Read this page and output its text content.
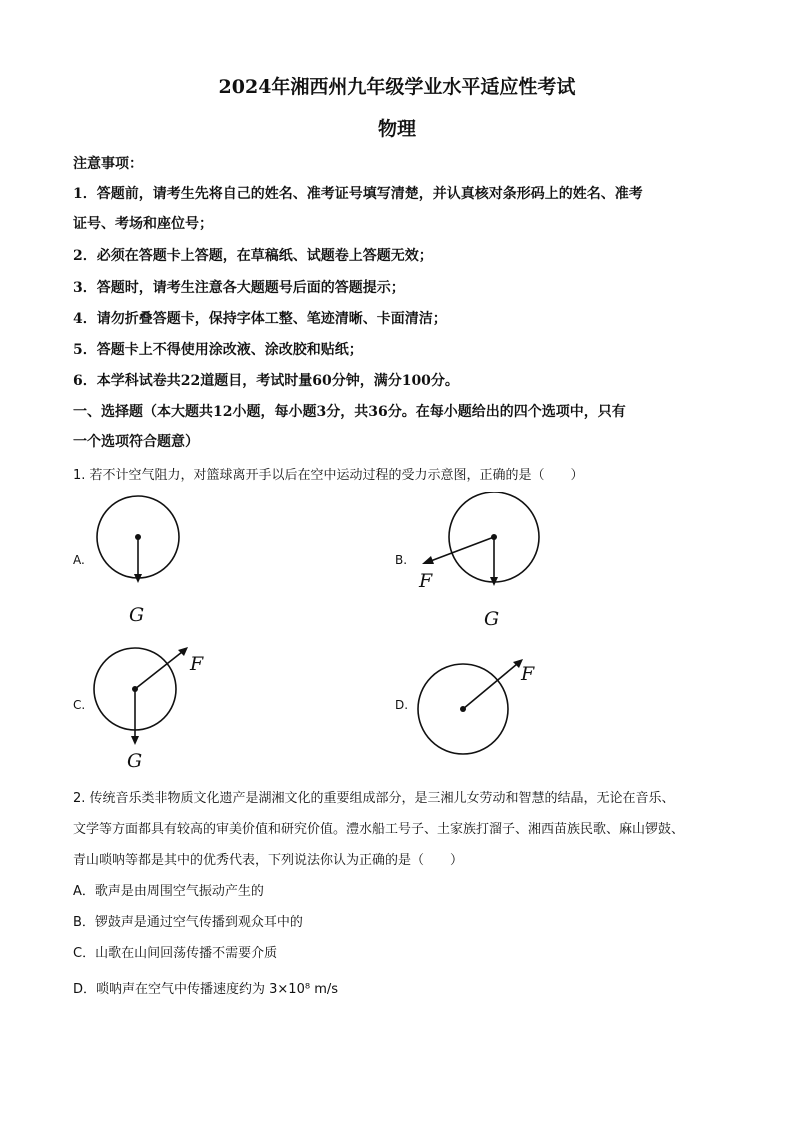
2024年湘西州九年级学业水平适应性考试
物理
注意事项：
1．答题前，请考生先将自己的姓名、准考证号填写清楚，并认真核对条形码上的姓名、准考
证号、考场和座位号；
2．必须在答题卡上答题，在草稿纸、试题卷上答题无效；
3．答题时，请考生注意各大题题号后面的答题提示；
4．请勿折叠答题卡，保持字体工整、笔迹清晰、卡面清洁；
5．答题卡上不得使用涂改液、涂改胶和贴纸；
6．本学科试卷共22道题目，考试时量60分钟，满分100分。
一、选择题（本大题共12小题，每小题3分，共36分。在每小题给出的四个选项中，只有
一个选项符合题意）
1. 若不计空气阻力，对篮球离开手以后在空中运动过程的受力示意图，正确的是（　　）
A.
G
B.
F
G
C.
F
G
D.
F
2. 传统音乐类非物质文化遗产是湖湘文化的重要组成部分，是三湘儿女劳动和智慧的结晶，无论在音乐、
文学等方面都具有较高的审美价值和研究价值。澧水船工号子、土家族打溜子、湘西苗族民歌、麻山锣鼓、
青山唢呐等都是其中的优秀代表，下列说法你认为正确的是（　　）
A．歌声是由周围空气振动产生的
B．锣鼓声是通过空气传播到观众耳中的
C．山歌在山间回荡传播不需要介质
D．唢呐声在空气中传播速度约为 3×10⁸ m/s
